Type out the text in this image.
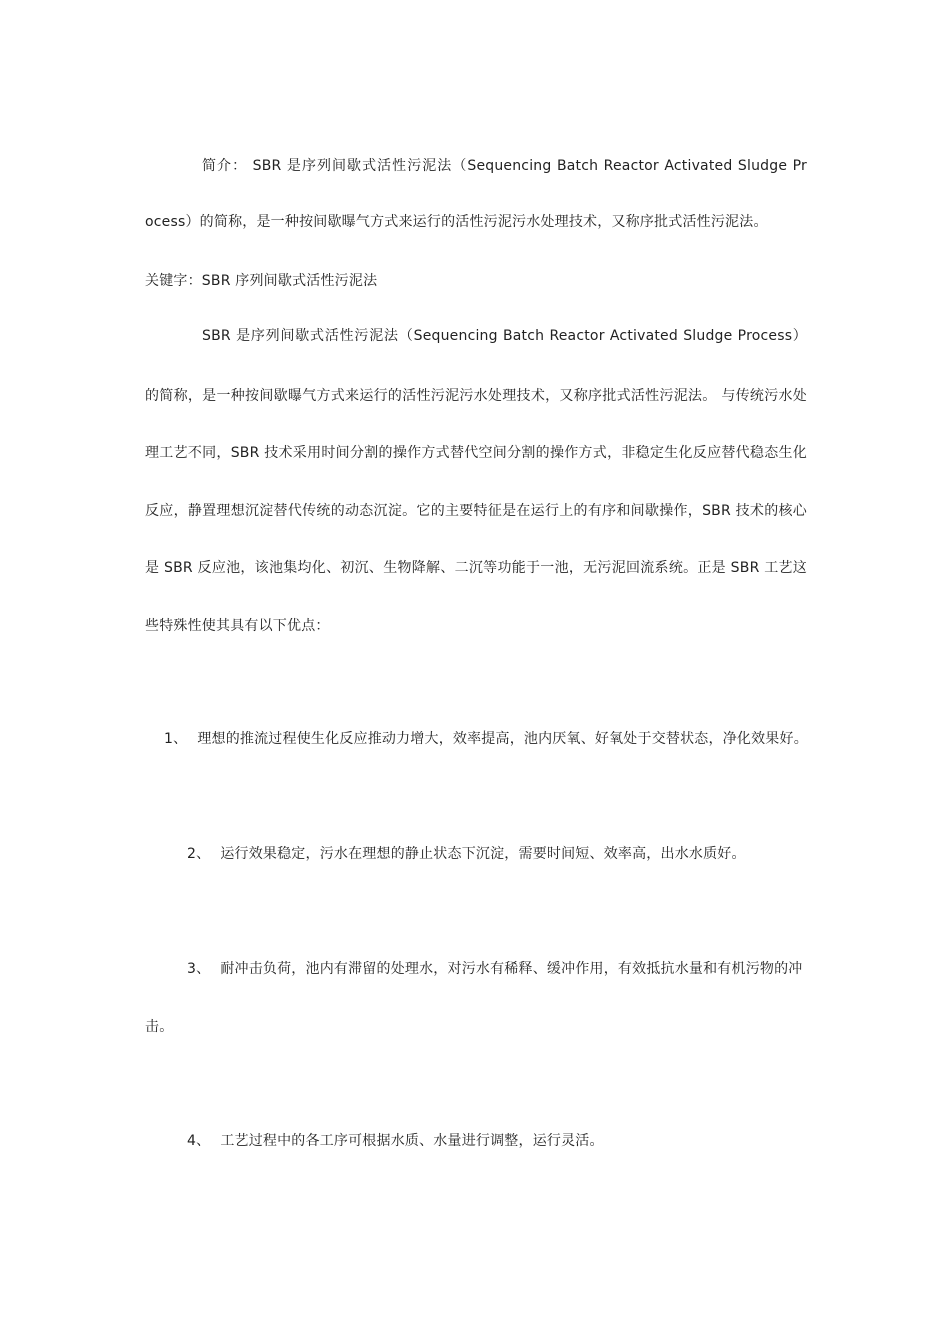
简介： SBR 是序列间歇式活性污泥法（Sequencing Batch Reactor Activated Sludge Pr
ocess）的简称，是一种按间歇曝气方式来运行的活性污泥污水处理技术，又称序批式活性污泥法。
关键字：SBR 序列间歇式活性污泥法
SBR 是序列间歇式活性污泥法（Sequencing Batch Reactor Activated Sludge Process）
的简称，是一种按间歇曝气方式来运行的活性污泥污水处理技术，又称序批式活性污泥法。 与传统污水处
理工艺不同，SBR 技术采用时间分割的操作方式替代空间分割的操作方式，非稳定生化反应替代稳态生化
反应，静置理想沉淀替代传统的动态沉淀。它的主要特征是在运行上的有序和间歇操作，SBR 技术的核心
是 SBR 反应池，该池集均化、初沉、生物降解、二沉等功能于一池，无污泥回流系统。正是 SBR 工艺这
些特殊性使其具有以下优点：
1、 理想的推流过程使生化反应推动力增大，效率提高，池内厌氧、好氧处于交替状态，净化效果好。
2、 运行效果稳定，污水在理想的静止状态下沉淀，需要时间短、效率高，出水水质好。
3、 耐冲击负荷，池内有滞留的处理水，对污水有稀释、缓冲作用，有效抵抗水量和有机污物的冲
击。
4、 工艺过程中的各工序可根据水质、水量进行调整，运行灵活。
